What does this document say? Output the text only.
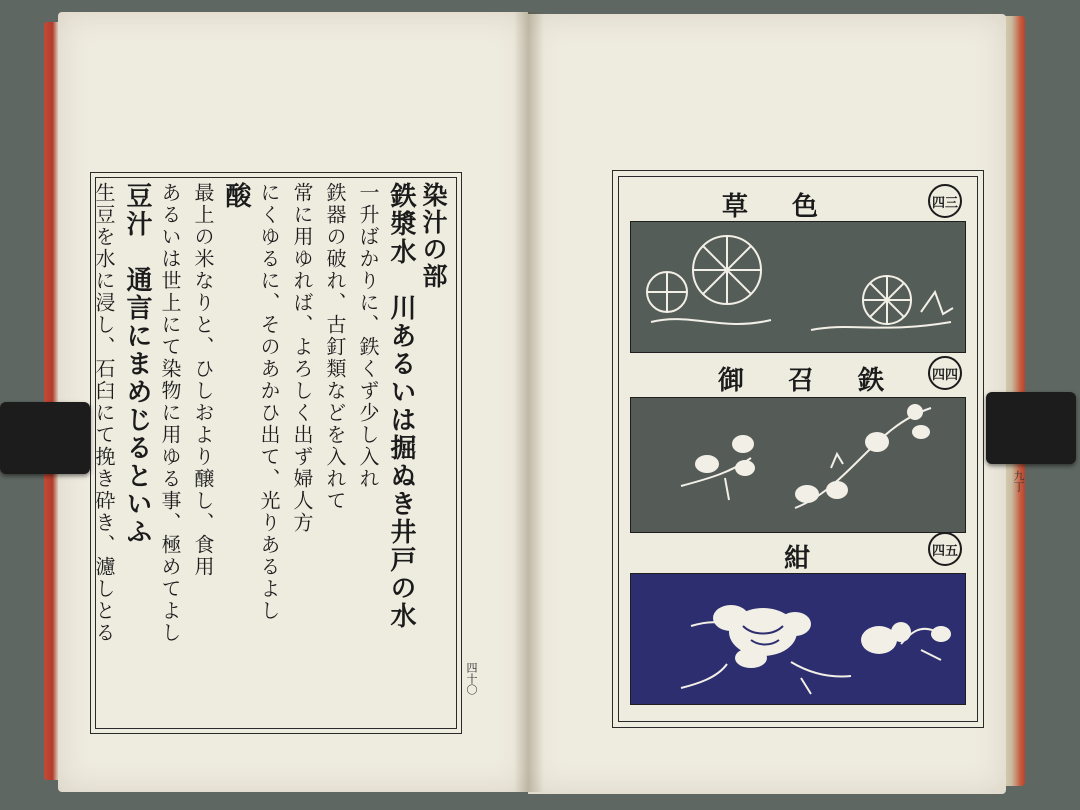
染汁の部
鉄漿水　川あるいは掘ぬき井戸の水
一升ばかりに、鉄くず少し入れ
鉄器の破れ、古釘類などを入れて
常に用ゆれば、よろしく出ず婦人方
にくゆるに、そのあかひ出て、光りあるよし
酸
最上の米なりと、ひしおより醸し、食用
あるいは世上にて染物に用ゆる事、極めてよし
豆汁　通言にまめじるといふ
生豆を水に浸し、石臼にて挽き砕き、濾しとる
四十〇
草色	四三
御召鉄 四四
紺	四五
九丁
